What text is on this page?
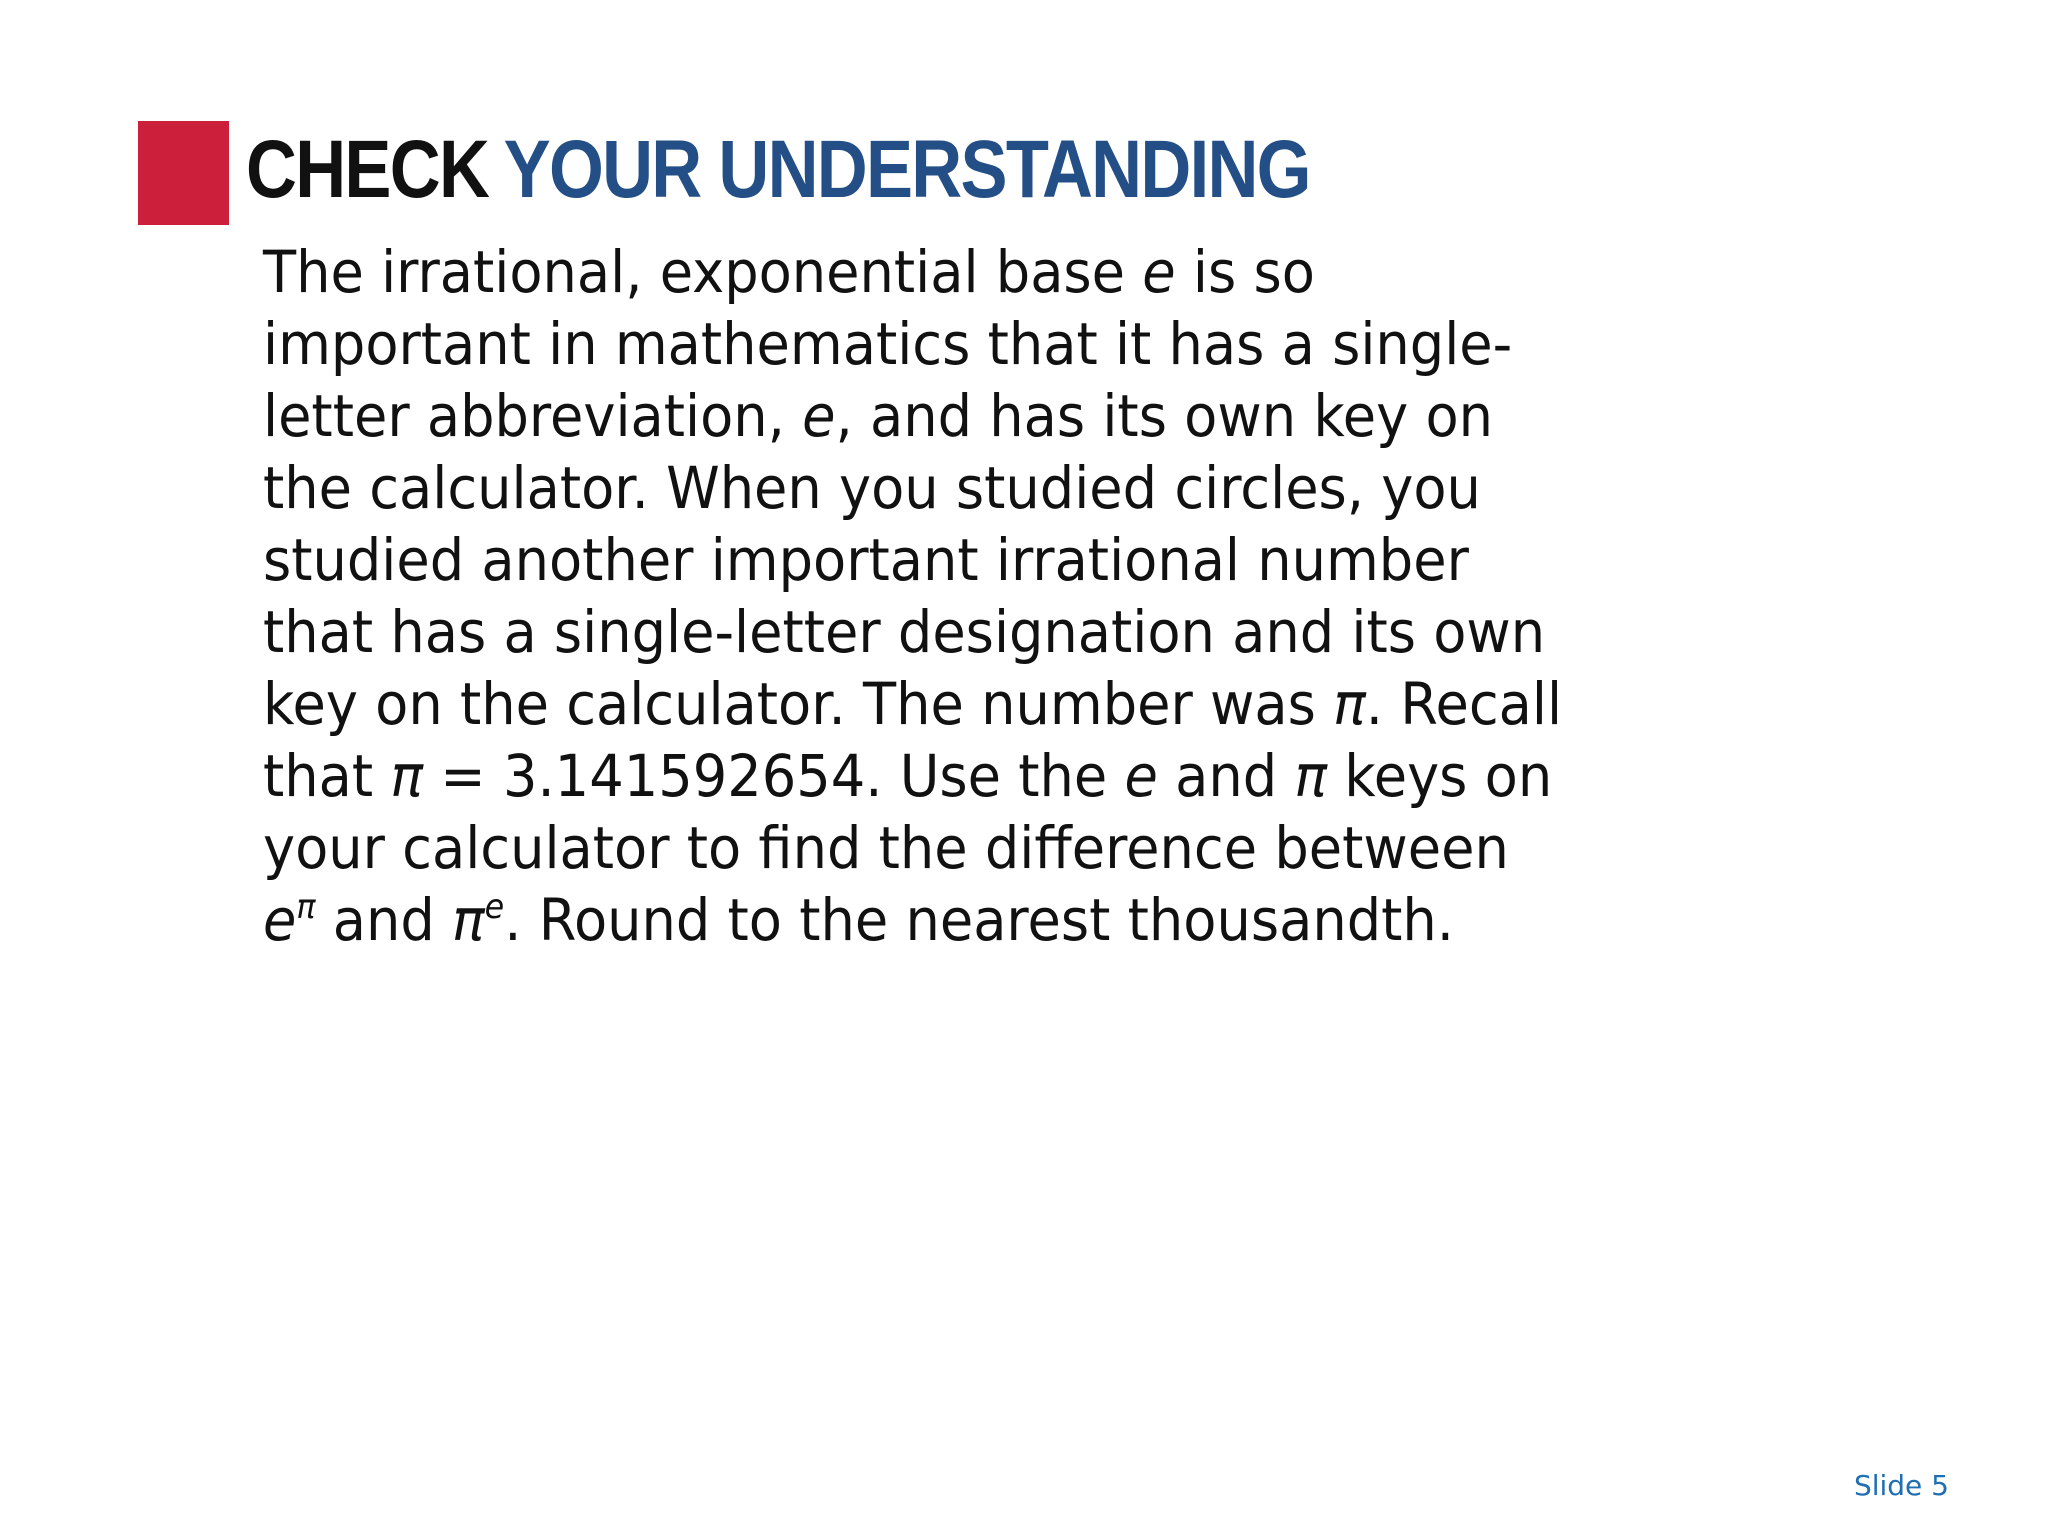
CHECK YOUR UNDERSTANDING
The irrational, exponential base e is so
important in mathematics that it has a single-
letter abbreviation, e, and has its own key on
the calculator. When you studied circles, you
studied another important irrational number
that has a single-letter designation and its own
key on the calculator. The number was π. Recall
that π = 3.141592654. Use the e and π keys on
your calculator to find the difference between
$e^\pi$ and $\pi^e$. Round to the nearest thousandth.
Slide 5
